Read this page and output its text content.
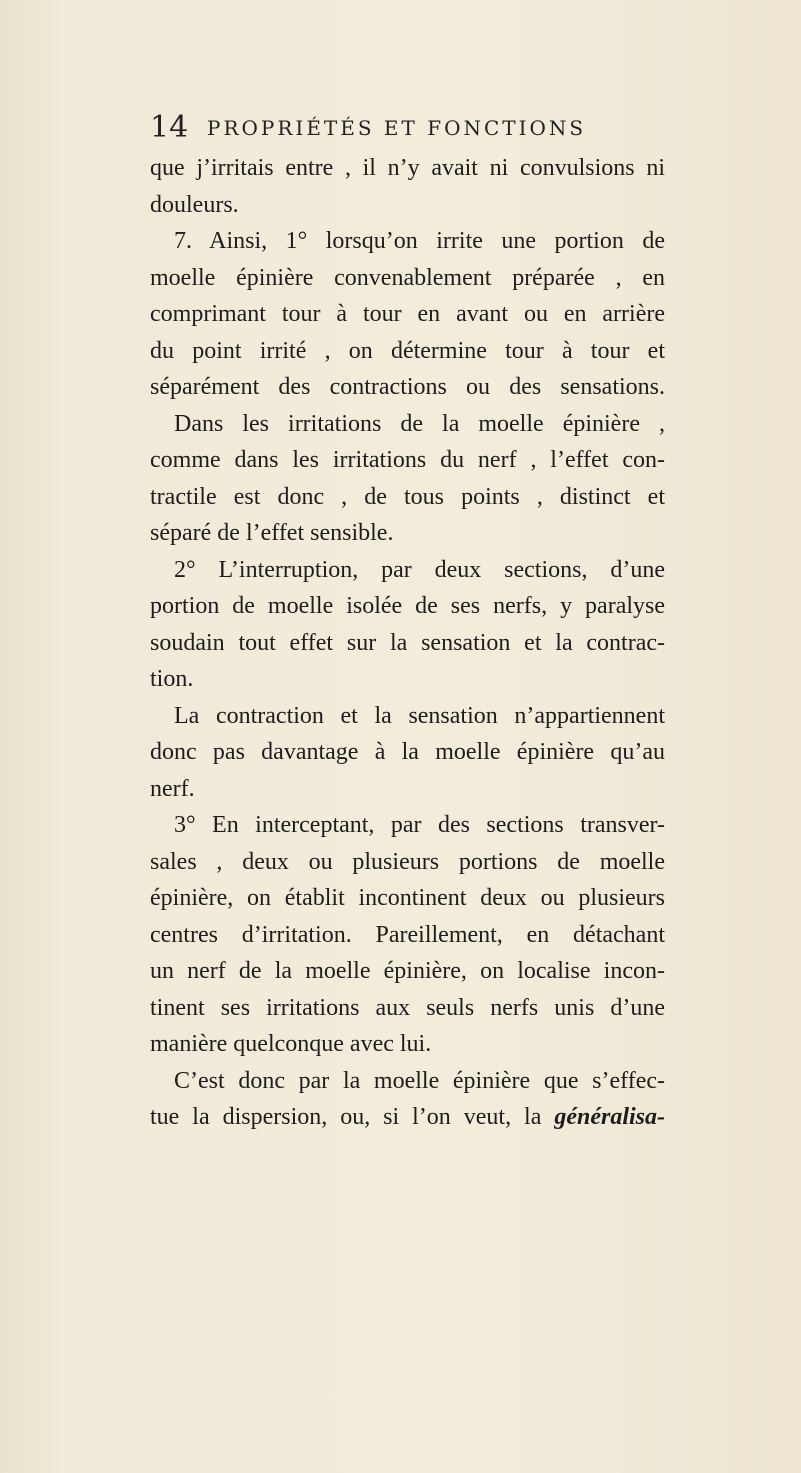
14 PROPRIÉTÉS ET FONCTIONS
que j’irritais entre , il n’y avait ni convulsions ni
douleurs.
7. Ainsi, 1° lorsqu’on irrite une portion de
moelle épinière convenablement préparée , en
comprimant tour à tour en avant ou en arrière
du point irrité , on détermine tour à tour et
séparément des contractions ou des sensations.
Dans les irritations de la moelle épinière ,
comme dans les irritations du nerf , l’effet con-
tractile est donc , de tous points , distinct et
séparé de l’effet sensible.
2° L’interruption, par deux sections, d’une
portion de moelle isolée de ses nerfs, y paralyse
soudain tout effet sur la sensation et la contrac-
tion.
La contraction et la sensation n’appartiennent
donc pas davantage à la moelle épinière qu’au
nerf.
3° En interceptant, par des sections transver-
sales , deux ou plusieurs portions de moelle
épinière, on établit incontinent deux ou plusieurs
centres d’irritation. Pareillement, en détachant
un nerf de la moelle épinière, on localise incon-
tinent ses irritations aux seuls nerfs unis d’une
manière quelconque avec lui.
C’est donc par la moelle épinière que s’effec-
tue la dispersion, ou, si l’on veut, la généralisa-
